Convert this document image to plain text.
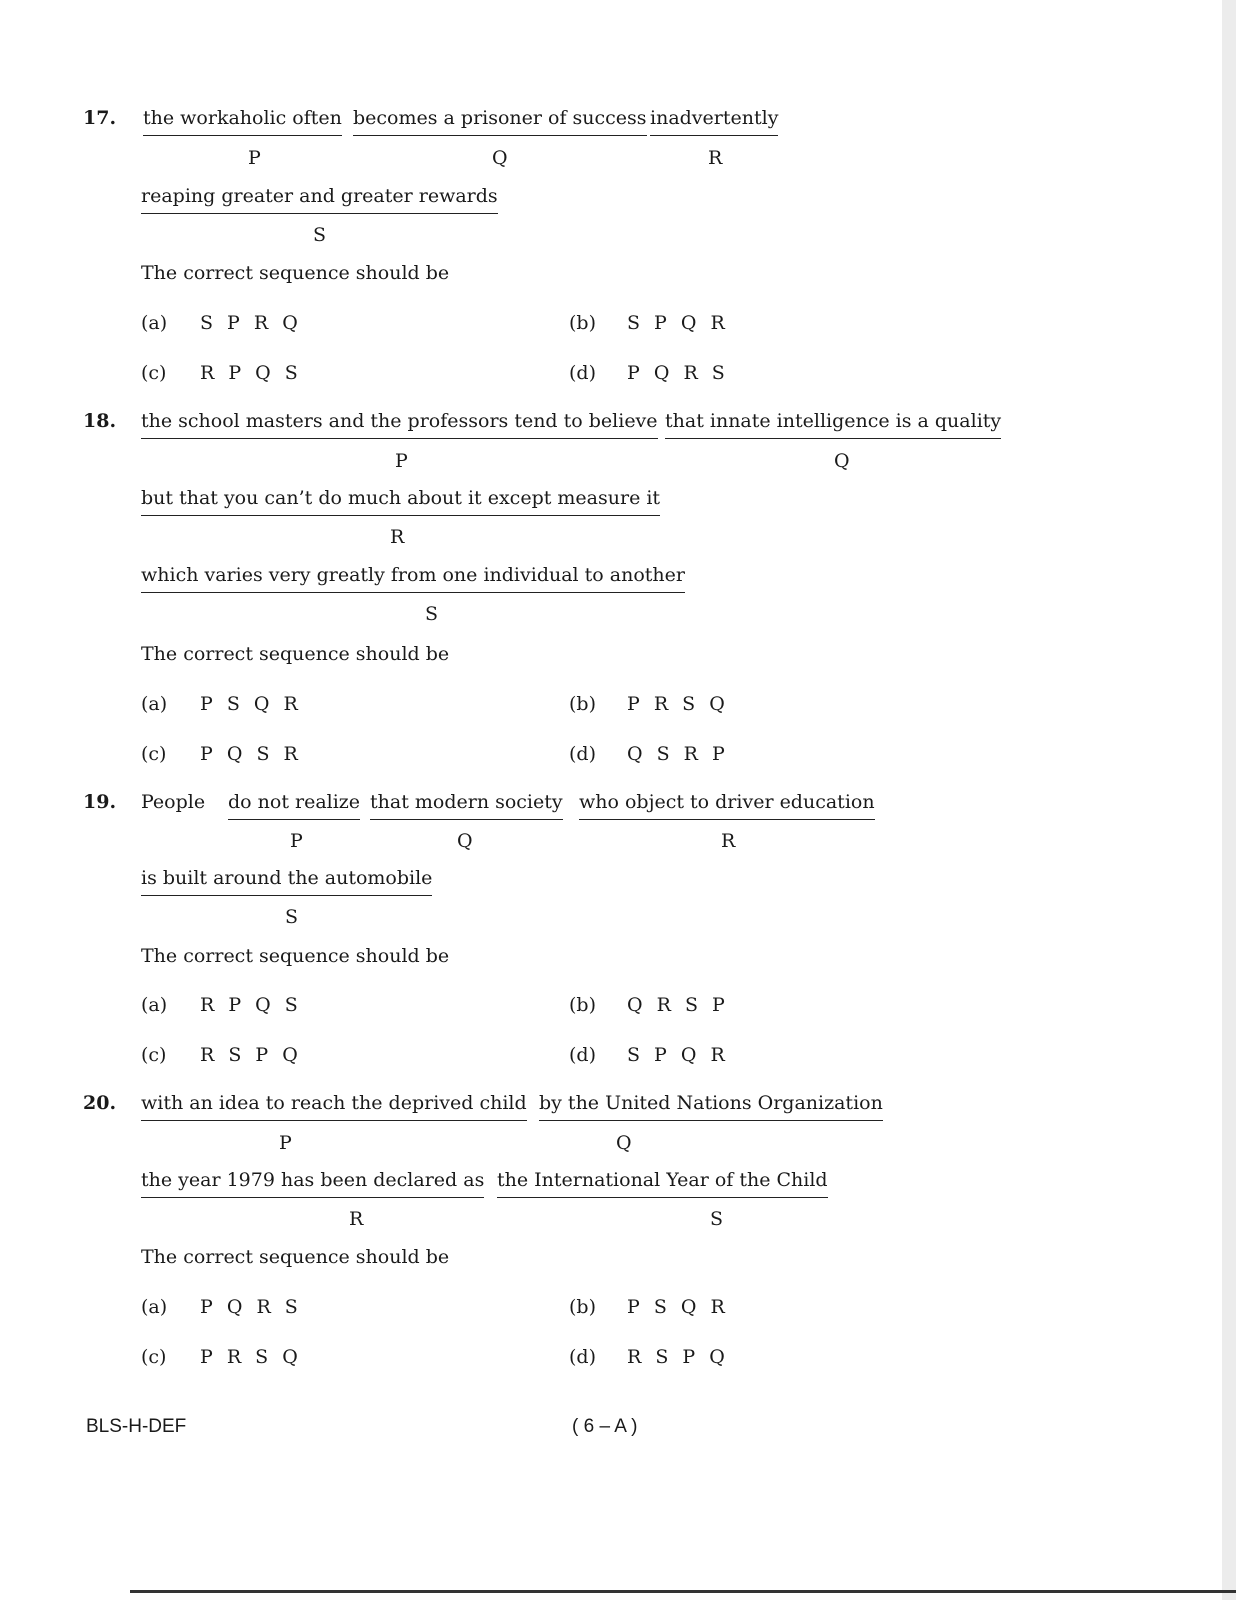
17. the workaholic often becomes a prisoner of success inadvertently
P	Q	R
reaping greater and greater rewards
S
The correct sequence should be
(a) S P R Q	(b) S P Q R
(c) R P Q S	(d) P Q R S
18. the school masters and the professors tend to believe that innate intelligence is a quality
P	Q
but that you can’t do much about it except measure it
R
which varies very greatly from one individual to another
S
The correct sequence should be
(a) P S Q R	(b) P R S Q
(c) P Q S R	(d) Q S R P
19. People do not realize that modern society who object to driver education
P	Q	R
is built around the automobile
S
The correct sequence should be
(a) R P Q S	(b) Q R S P
(c) R S P Q	(d) S P Q R
20. with an idea to reach the deprived child by the United Nations Organization
P	Q
the year 1979 has been declared as the International Year of the Child
R	S
The correct sequence should be
(a) P Q R S	(b) P S Q R
(c) P R S Q	(d) R S P Q
BLS-H-DEF	( 6 – A )
